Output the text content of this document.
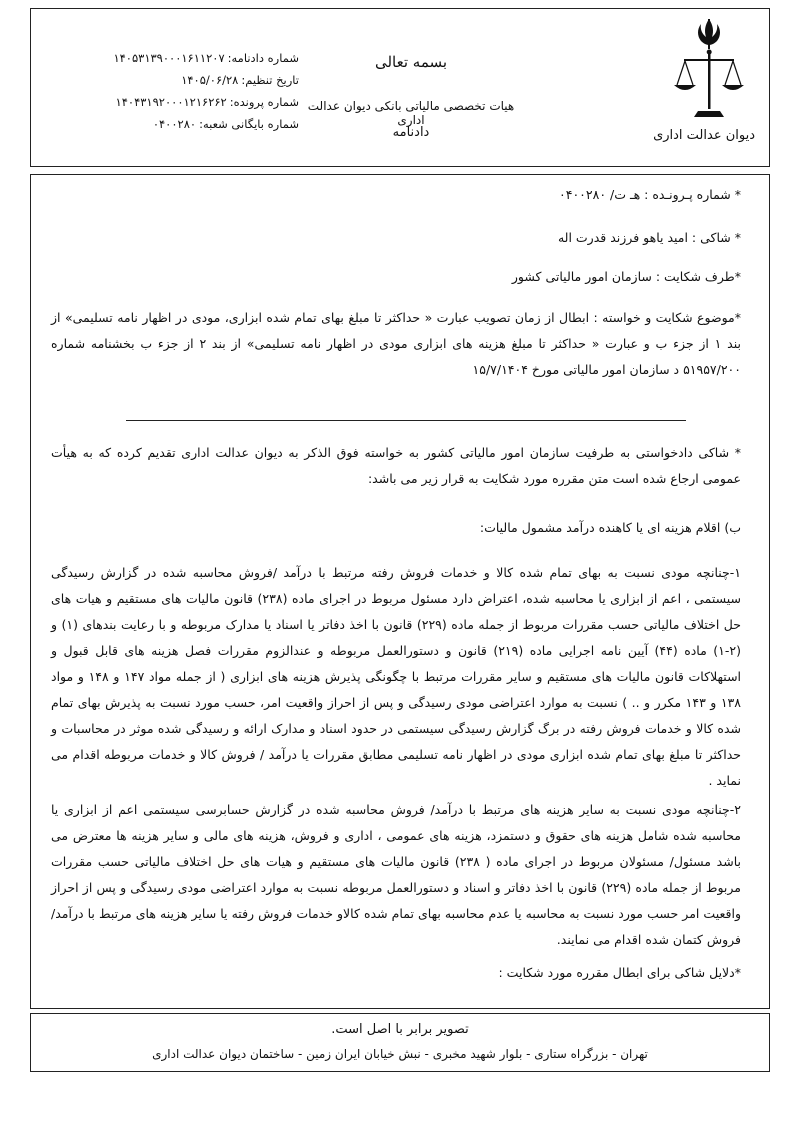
دیوان عدالت اداری
بسمه تعالی
هیات تخصصی مالیاتی بانکی دیوان عدالت اداری
دادنامه
شماره دادنامه:
۱۴۰۵۳۱۳۹۰۰۰۱۶۱۱۲۰۷
تاریخ تنظیم:
۱۴۰۵/۰۶/۲۸
شماره پرونده:
۱۴۰۴۳۱۹۲۰۰۰۱۲۱۶۲۶۲
شماره بایگانی شعبه:
۰۴۰۰۲۸۰
* شماره پـرونـده : هـ ت/ ۰۴۰۰۲۸۰
* شاکی : امید یاهو فرزند قدرت اله
*طرف شکایت : سازمان امور مالیاتی کشور
*موضوع شکایت و خواسته : ابطال از زمان تصویب عبارت « حداکثر تا مبلغ بهای تمام شده ابزاری، مودی در اظهار نامه تسلیمی» از بند ۱ از جزء ب و عبارت « حداکثر تا مبلغ هزینه های ابزاری مودی در اظهار نامه تسلیمی» از بند ۲ از جزء ب بخشنامه شماره ۵۱۹۵۷/۲۰۰ د سازمان امور مالیاتی مورخ ۱۵/۷/۱۴۰۴
* شاکی دادخواستی به طرفیت سازمان امور مالیاتی کشور به خواسته فوق الذکر به دیوان عدالت اداری تقدیم کرده که به هیأت عمومی ارجاع شده است متن مقرره مورد شکایت به قرار زیر می باشد:
ب) اقلام هزینه ای یا کاهنده درآمد مشمول مالیات:
۱-چنانچه مودی نسبت به بهای تمام شده کالا و خدمات فروش رفته مرتبط با درآمد /فروش محاسبه شده در گزارش رسیدگی سیستمی ، اعم از ابزاری یا محاسبه شده، اعتراض دارد مسئول مربوط در اجرای ماده (۲۳۸) قانون مالیات های مستقیم و هیات های حل اختلاف مالیاتی حسب مقررات مربوط از جمله ماده (۲۲۹) قانون با اخذ دفاتر یا اسناد یا مدارک مربوطه و با رعایت بندهای (۱) و (۲-۱) ماده (۴۴) آیین نامه اجرایی ماده (۲۱۹) قانون و دستورالعمل مربوطه و عندالزوم مقررات فصل هزینه های قابل قبول و استهلاکات قانون مالیات های مستقیم و سایر مقررات مرتبط با چگونگی پذیرش هزینه های ابزاری ( از جمله مواد ۱۴۷ و ۱۴۸ و مواد ۱۳۸ و ۱۴۳ مکرر و .. ) نسبت به موارد اعتراضی مودی رسیدگی و پس از احراز واقعیت امر، حسب مورد نسبت به پذیرش بهای تمام شده کالا و خدمات فروش رفته در برگ گزارش رسیدگی سیستمی در حدود اسناد و مدارک ارائه و رسیدگی شده موثر در محاسبات و حداکثر تا مبلغ بهای تمام شده ابزاری مودی در اظهار نامه تسلیمی مطابق مقررات یا درآمد / فروش کالا و خدمات مربوطه اقدام می نماید .
۲-چنانچه مودی نسبت به سایر هزینه های مرتبط با درآمد/ فروش محاسبه شده در گزارش حسابرسی سیستمی اعم از ابزاری یا محاسبه شده شامل هزینه های حقوق و دستمزد، هزینه های عمومی ، اداری و فروش، هزینه های مالی و سایر هزینه ها معترض می باشد مسئول/ مسئولان مربوط در اجرای ماده ( ۲۳۸) قانون مالیات های مستقیم و هیات های حل اختلاف مالیاتی حسب مقررات مربوط از جمله ماده (۲۲۹) قانون با اخذ دفاتر و اسناد و دستورالعمل مربوطه نسبت به موارد اعتراضی مودی رسیدگی و پس از احراز واقعیت امر حسب مورد نسبت به محاسبه یا عدم محاسبه بهای تمام شده کالاو خدمات فروش رفته یا سایر هزینه های مرتبط با درآمد/ فروش کتمان شده اقدام می نمایند.
*دلایل شاکی برای ابطال مقرره مورد شکایت :
تصویر برابر با اصل است.
تهران - بزرگراه ستاری - بلوار شهید مخبری - نبش خیابان ایران زمین - ساختمان دیوان عدالت اداری
